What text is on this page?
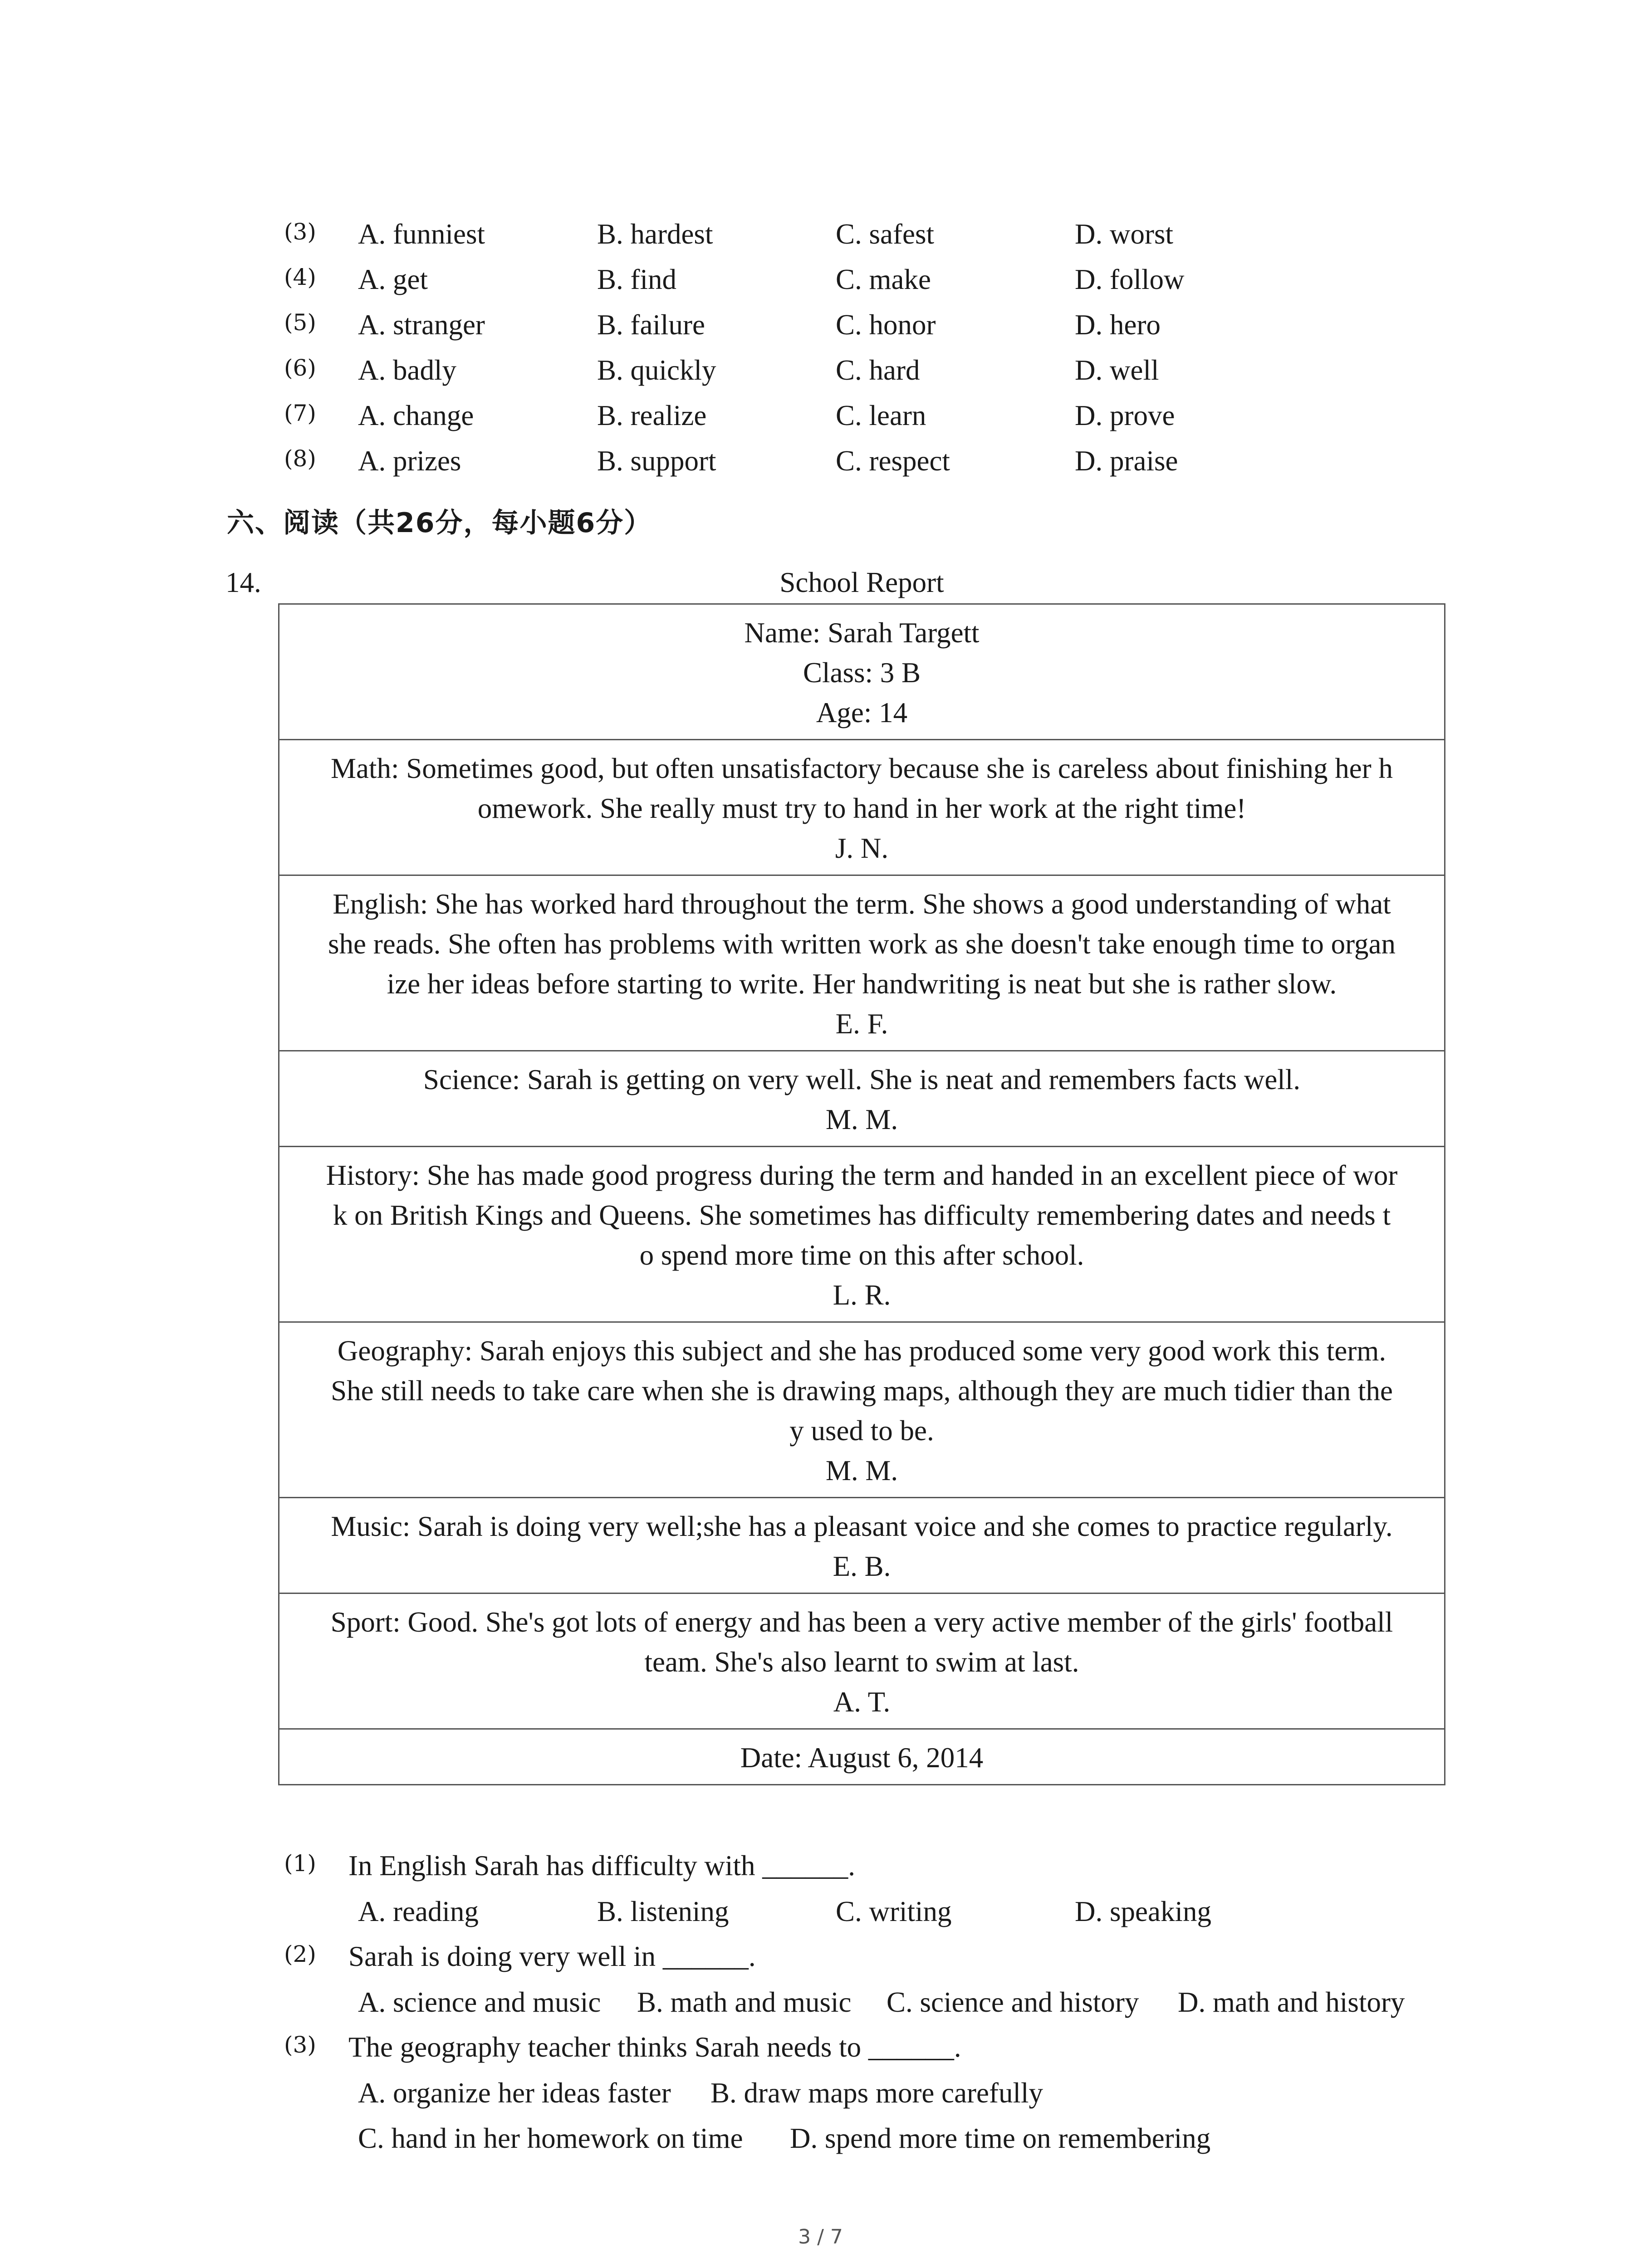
(3) A. funniest	B. hardest	C. safest	D. worst
(4) A. get	B. find	C. make	D. follow
(5) A. stranger	B. failure	C. honor	D. hero
(6) A. badly	B. quickly	C. hard	D. well
(7) A. change	B. realize	C. learn	D. prove
(8) A. prizes	B. support	C. respect	D. praise
六、阅读（共26分，每小题6分）
14.	School Report
Name: Sarah Targett
Class: 3 B
Age: 14
Math: Sometimes good, but often unsatisfactory because she is careless about finishing her h
omework. She really must try to hand in her work at the right time!
J. N.
English: She has worked hard throughout the term. She shows a good understanding of what
she reads. She often has problems with written work as she doesn't take enough time to organ
ize her ideas before starting to write. Her handwriting is neat but she is rather slow.
E. F.
Science: Sarah is getting on very well. She is neat and remembers facts well.
M. M.
History: She has made good progress during the term and handed in an excellent piece of wor
k on British Kings and Queens. She sometimes has difficulty remembering dates and needs t
o spend more time on this after school.
L. R.
Geography: Sarah enjoys this subject and she has produced some very good work this term.
She still needs to take care when she is drawing maps, although they are much tidier than the
y used to be.
M. M.
Music: Sarah is doing very well;she has a pleasant voice and she comes to practice regularly.
E. B.
Sport: Good. She's got lots of energy and has been a very active member of the girls' football
team. She's also learnt to swim at last.
A. T.
Date: August 6, 2014
(1) In English Sarah has difficulty with ______.
A. reading	B. listening	C. writing	D. speaking
(2) Sarah is doing very well in ______.
A. science and music B. math and music C. science and history D. math and history
(3) The geography teacher thinks Sarah needs to ______.
A. organize her ideas faster B. draw maps more carefully
C. hand in her homework on time D. spend more time on remembering
3 / 7
